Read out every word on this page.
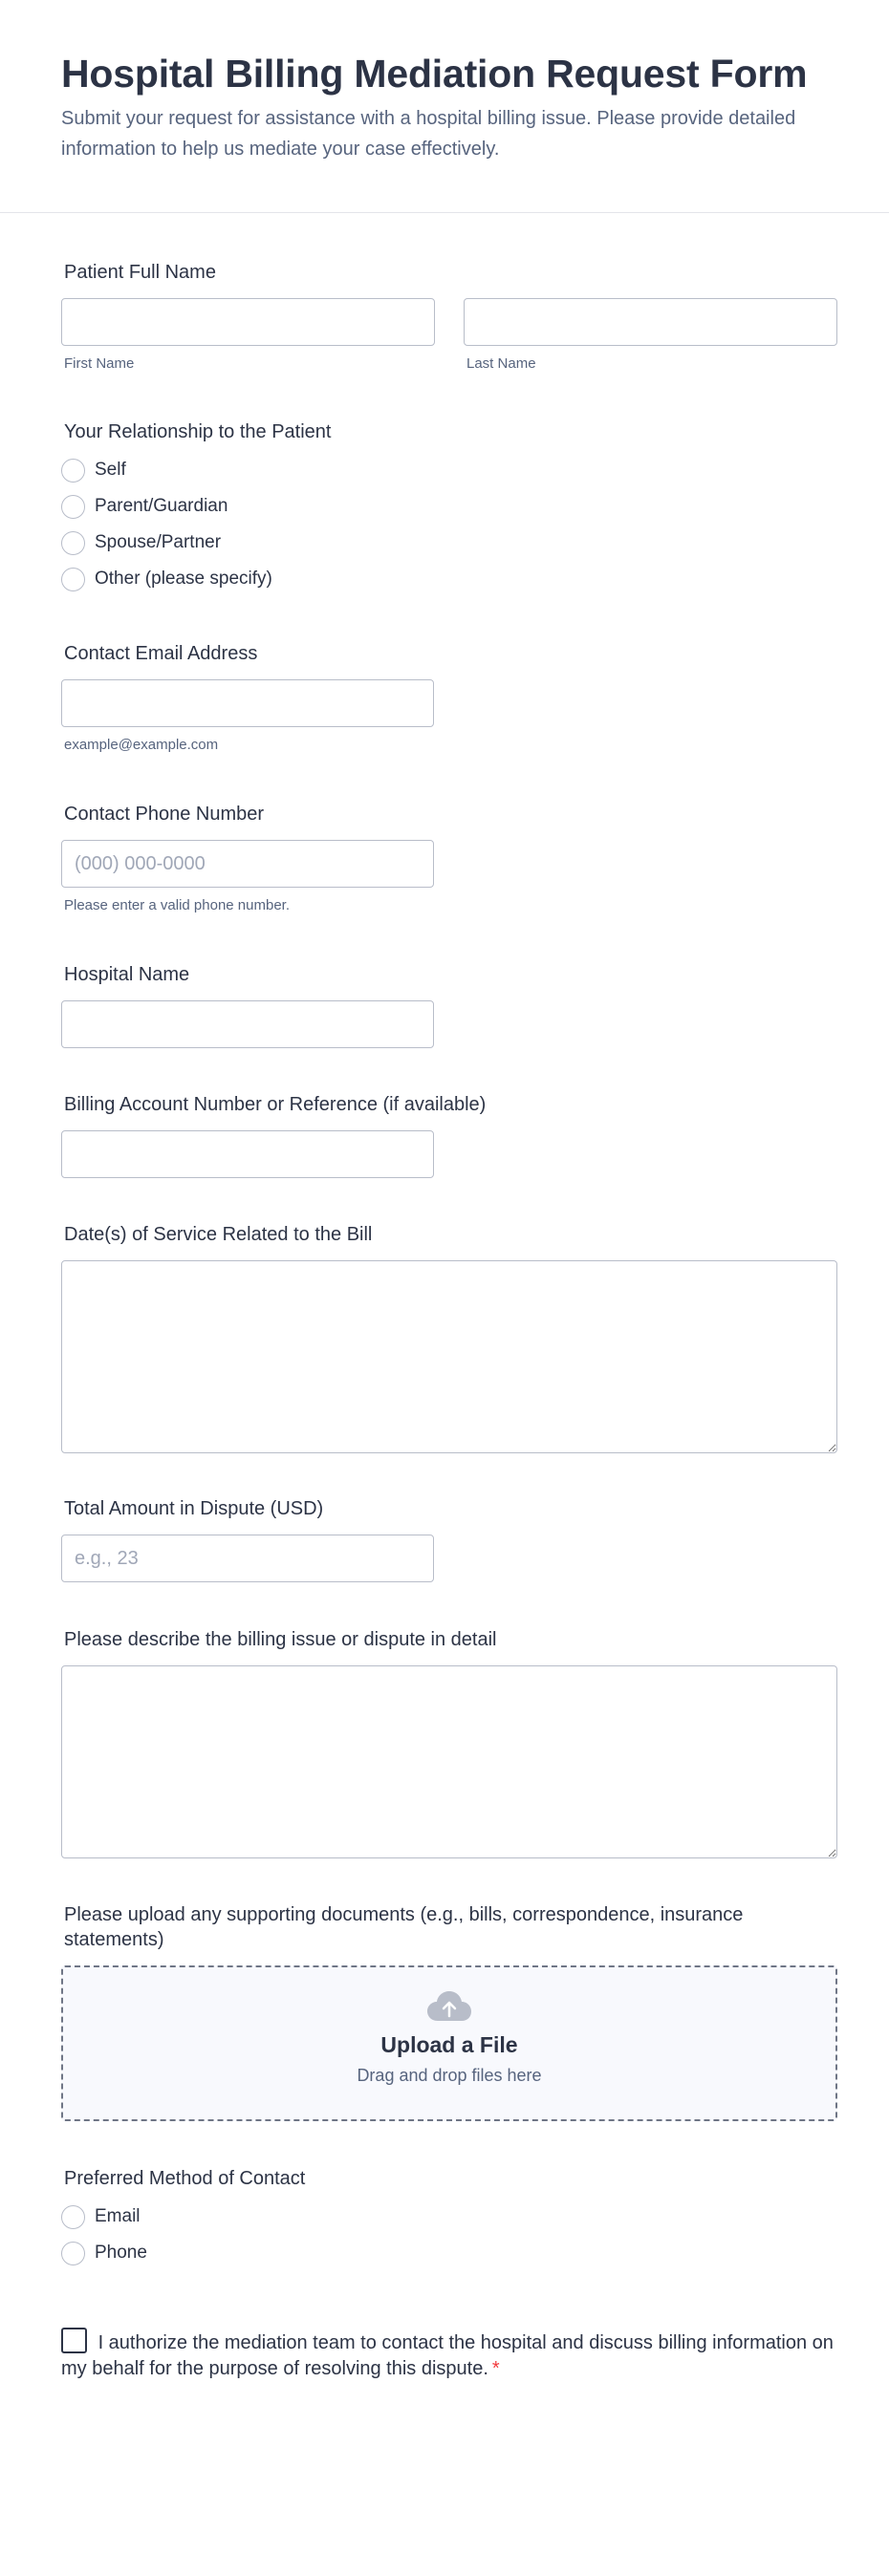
Hospital Billing Mediation Request Form

Submit your request for assistance with a hospital billing issue. Please provide detailed information to help us mediate your case effectively.

Patient Full Name
First Name	Last Name
Your Relationship to the Patient
Self
Parent/Guardian
Spouse/Partner
Other (please specify)
Contact Email Address
example@example.com
Contact Phone Number
(000) 000-0000
Please enter a valid phone number.
Hospital Name
Billing Account Number or Reference (if available)
Date(s) of Service Related to the Bill
Total Amount in Dispute (USD)
e.g., 23
Please describe the billing issue or dispute in detail
Please upload any supporting documents (e.g., bills, correspondence, insurance statements)
Upload a File
Drag and drop files here
Preferred Method of Contact
Email
Phone
I authorize the mediation team to contact the hospital and discuss billing information on my behalf for the purpose of resolving this dispute. *
